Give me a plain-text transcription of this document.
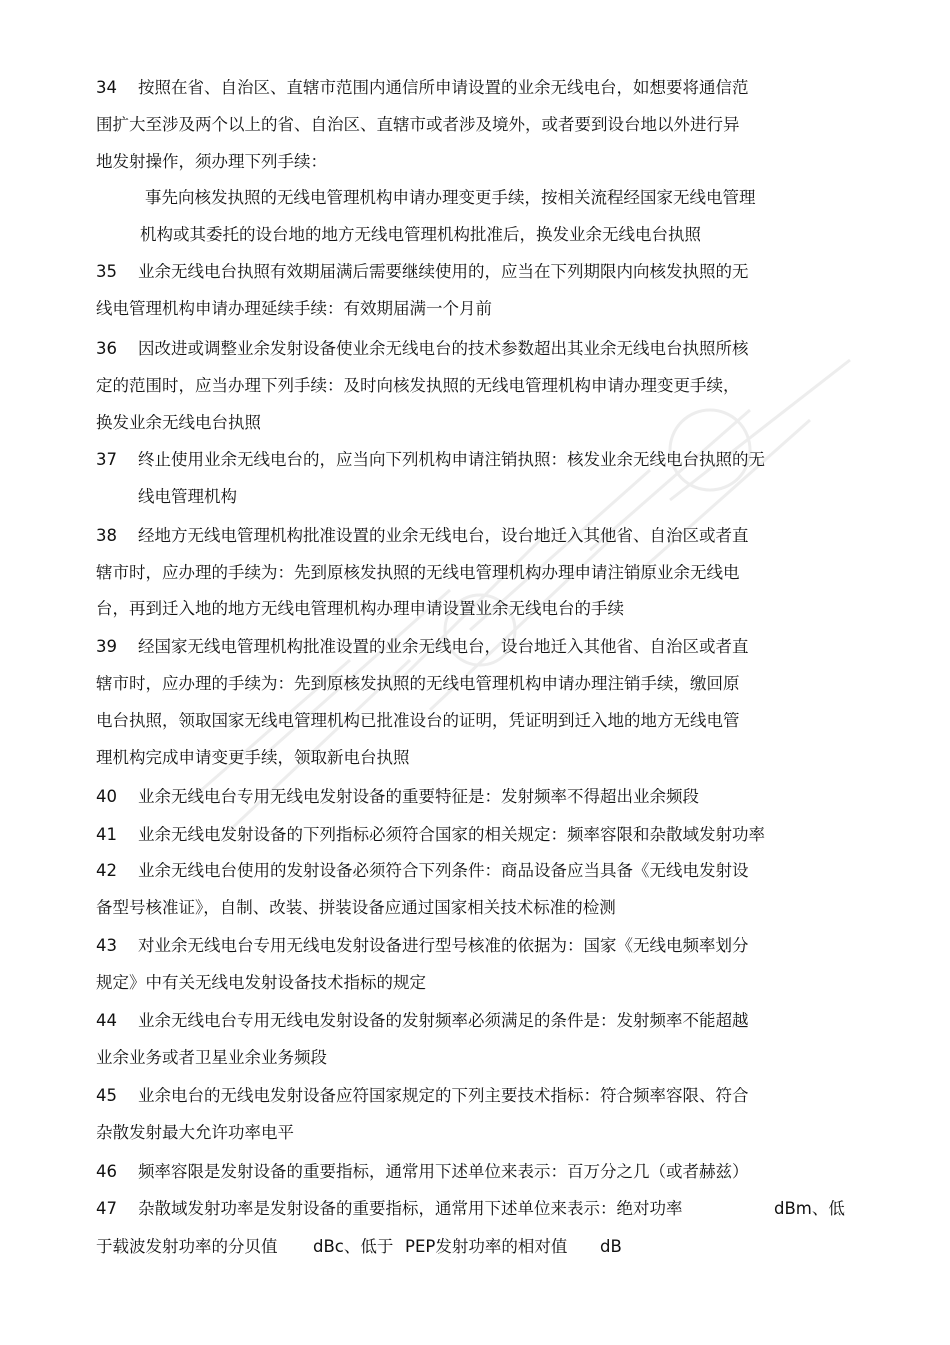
34 按照在省、自治区、直辖市范围内通信所申请设置的业余无线电台，如想要将通信范
围扩大至涉及两个以上的省、自治区、直辖市或者涉及境外，或者要到设台地以外进行异
地发射操作，须办理下列手续：
事先向核发执照的无线电管理机构申请办理变更手续，按相关流程经国家无线电管理
机构或其委托的设台地的地方无线电管理机构批准后，换发业余无线电台执照
35 业余无线电台执照有效期届满后需要继续使用的，应当在下列期限内向核发执照的无
线电管理机构申请办理延续手续：有效期届满一个月前
36 因改进或调整业余发射设备使业余无线电台的技术参数超出其业余无线电台执照所核
定的范围时，应当办理下列手续：及时向核发执照的无线电管理机构申请办理变更手续，
换发业余无线电台执照
37 终止使用业余无线电台的，应当向下列机构申请注销执照：核发业余无线电台执照的无
线电管理机构
38 经地方无线电管理机构批准设置的业余无线电台，设台地迁入其他省、自治区或者直
辖市时，应办理的手续为：先到原核发执照的无线电管理机构办理申请注销原业余无线电
台，再到迁入地的地方无线电管理机构办理申请设置业余无线电台的手续
39 经国家无线电管理机构批准设置的业余无线电台，设台地迁入其他省、自治区或者直
辖市时，应办理的手续为：先到原核发执照的无线电管理机构申请办理注销手续，缴回原
电台执照，领取国家无线电管理机构已批准设台的证明，凭证明到迁入地的地方无线电管
理机构完成申请变更手续，领取新电台执照
40 业余无线电台专用无线电发射设备的重要特征是：发射频率不得超出业余频段
41 业余无线电发射设备的下列指标必须符合国家的相关规定：频率容限和杂散域发射功率
42 业余无线电台使用的发射设备必须符合下列条件：商品设备应当具备《无线电发射设
备型号核准证》，自制、改装、拼装设备应通过国家相关技术标准的检测
43 对业余无线电台专用无线电发射设备进行型号核准的依据为：国家《无线电频率划分
规定》中有关无线电发射设备技术指标的规定
44 业余无线电台专用无线电发射设备的发射频率必须满足的条件是：发射频率不能超越
业余业务或者卫星业余业务频段
45 业余电台的无线电发射设备应符国家规定的下列主要技术指标：符合频率容限、符合
杂散发射最大允许功率电平
46 频率容限是发射设备的重要指标，通常用下述单位来表示：百万分之几（或者赫兹）
47 杂散域发射功率是发射设备的重要指标，通常用下述单位来表示：绝对功率	dBm、低
于载波发射功率的分贝值 dBc、低于 PEP发射功率的相对值 dB
